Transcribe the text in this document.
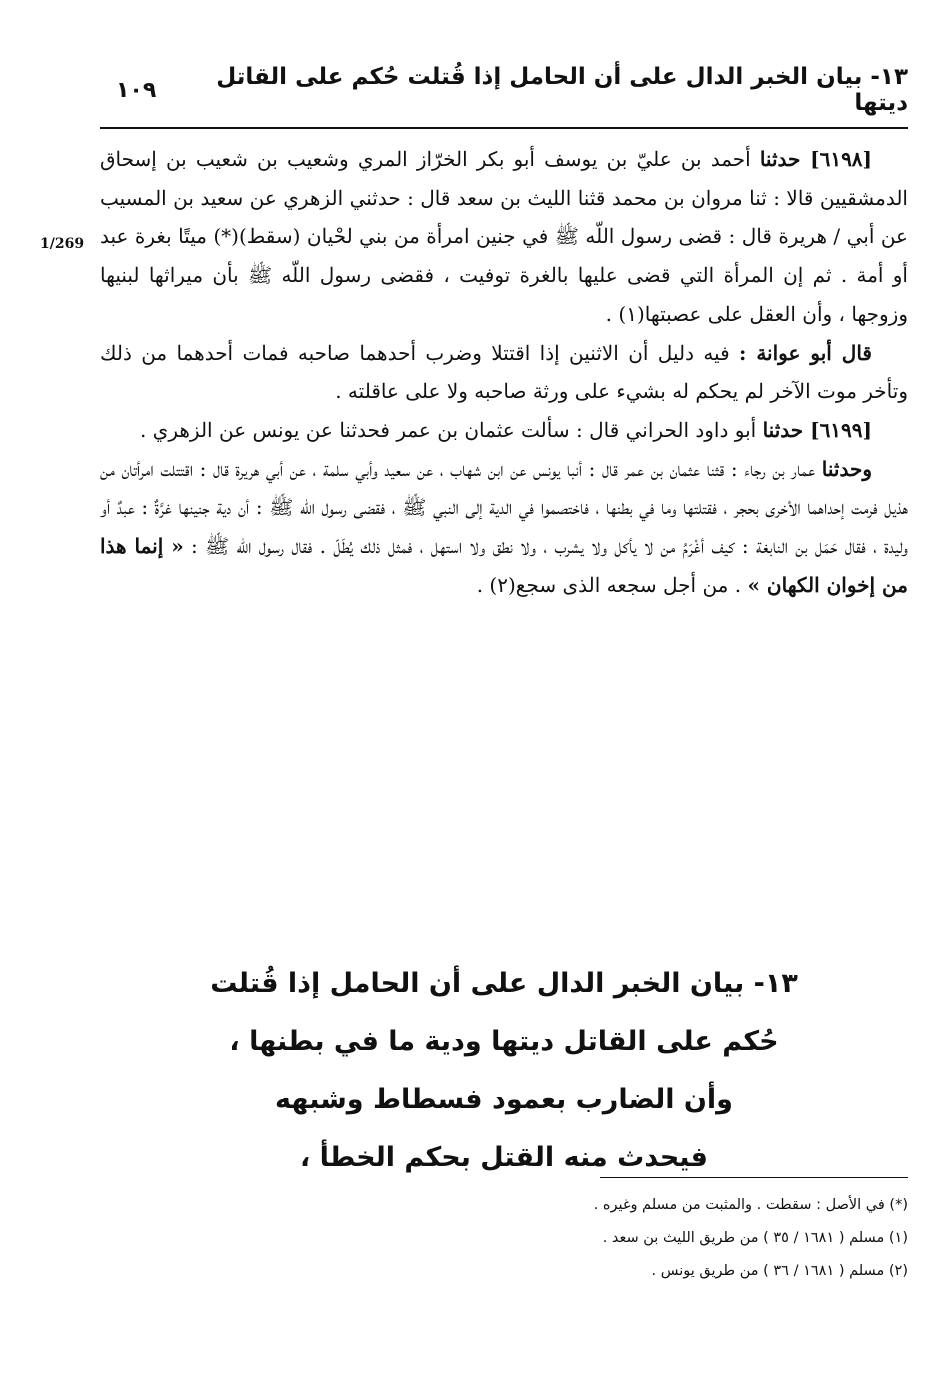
١٠٩	١٣- بيان الخبر الدال على أن الحامل إذا قُتلت حُكم على القاتل ديتها
1/269

[٦١٩٨] حدثنا أحمد بن عليّ بن يوسف أبو بكر الخرّاز المري وشعيب بن شعيب بن إسحاق الدمشقيين قالا : ثنا مروان بن محمد قثنا الليث بن سعد قال : حدثني الزهري عن سعيد بن المسيب عن أبي / هريرة قال : قضى رسول اللّه ﷺ في جنين امرأة من بني لحْيان (سقط)(*) ميتًا بغرة عبد أو أمة . ثم إن المرأة التي قضى عليها بالغرة توفيت ، فقضى رسول اللّه ﷺ بأن ميراثها لبنيها وزوجها ، وأن العقل على عصبتها(١) .

قال أبو عوانة : فيه دليل أن الاثنين إذا اقتتلا وضرب أحدهما صاحبه فمات أحدهما من ذلك وتأخر موت الآخر لم يحكم له بشيء على ورثة صاحبه ولا على عاقلته .

[٦١٩٩] حدثنا أبو داود الحراني قال : سألت عثمان بن عمر فحدثنا عن يونس عن الزهري .

وحدثنا عمار بن رجاء : قثنا عثمان بن عمر قال : أنبا يونس عن ابن شهاب ، عن سعيد وأبي سلمة ، عن أبي هريرة قال : اقتتلت امرأتان من هذيل فرمت إحداهما الأخرى بحجر ، فقتلتها وما في بطنها ، فاختصموا في الدية إلى النبي ﷺ ، فقضى رسول اللّه ﷺ : أن دية جنينها غرَّةٌ : عبدٌ أو وليدة ، فقال حَمَل بن النابغة : كيف أغْرَمُ من لا يأكل ولا يشرب ، ولا نطق ولا استهل ، فمثل ذلك يُطَلّ . فقال رسول اللّه ﷺ : « إنما هذا من إخوان الكهان » . من أجل سجعه الذى سجع(٢) .

١٣- بيان الخبر الدال على أن الحامل إذا قُتلت
حُكم على القاتل ديتها ودية ما في بطنها ،
وأن الضارب بعمود فسطاط وشبهه
فيحدث منه القتل بحكم الخطأ ،

(*) في الأصل : سقطت . والمثبت من مسلم وغيره .

(١) مسلم ( ١٦٨١ / ٣٥ ) من طريق الليث بن سعد .

(٢) مسلم ( ١٦٨١ / ٣٦ ) من طريق يونس .
